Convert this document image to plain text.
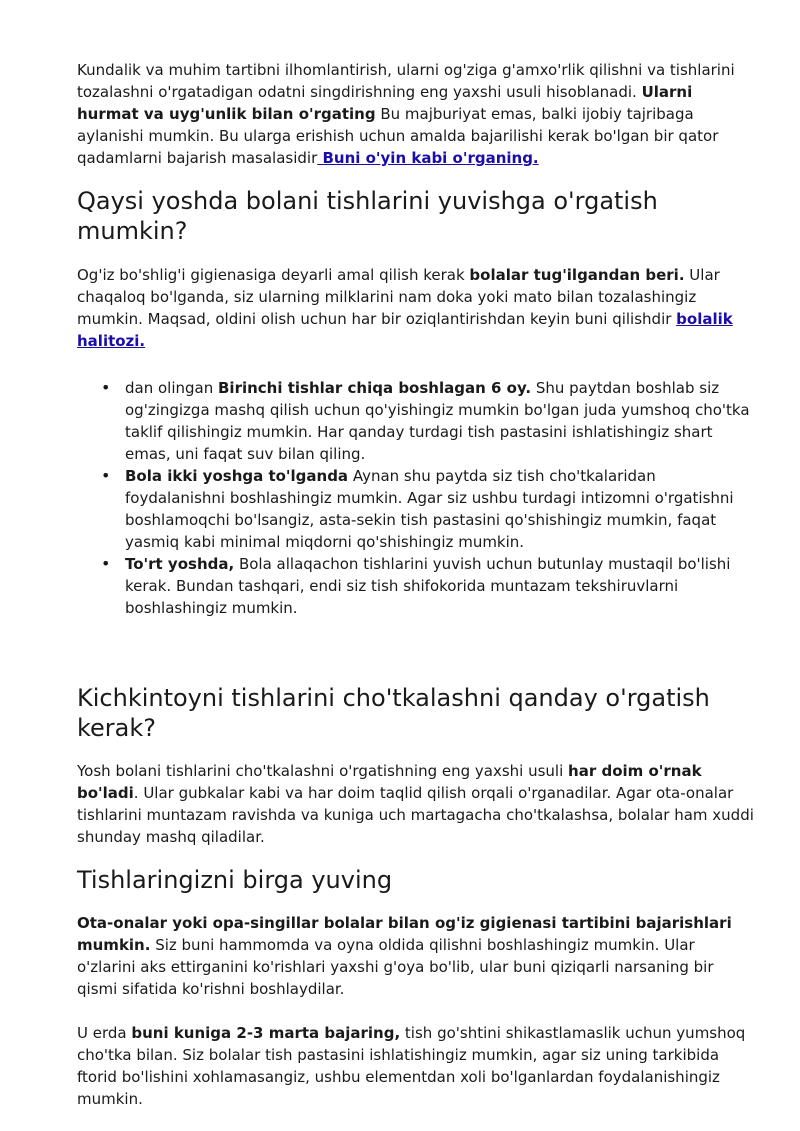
Kundalik va muhim tartibni ilhomlantirish, ularni og'ziga g'amxo'rlik qilishni va tishlarini tozalashni o'rgatadigan odatni singdirishning eng yaxshi usuli hisoblanadi. Ularni hurmat va uyg'unlik bilan o'rgating Bu majburiyat emas, balki ijobiy tajribaga aylanishi mumkin. Bu ularga erishish uchun amalda bajarilishi kerak bo'lgan bir qator qadamlarni bajarish masalasidir Buni o'yin kabi o'rganing.

Qaysi yoshda bolani tishlarini yuvishga o'rgatish mumkin?

Og'iz bo'shlig'i gigienasiga deyarli amal qilish kerak bolalar tug'ilgandan beri. Ular chaqaloq bo'lganda, siz ularning milklarini nam doka yoki mato bilan tozalashingiz mumkin. Maqsad, oldini olish uchun har bir oziqlantirishdan keyin buni qilishdir bolalik halitozi.

• dan olingan Birinchi tishlar chiqa boshlagan 6 oy. Shu paytdan boshlab siz og'zingizga mashq qilish uchun qo'yishingiz mumkin bo'lgan juda yumshoq cho'tka taklif qilishingiz mumkin. Har qanday turdagi tish pastasini ishlatishingiz shart emas, uni faqat suv bilan qiling.
• Bola ikki yoshga to'lganda Aynan shu paytda siz tish cho'tkalaridan foydalanishni boshlashingiz mumkin. Agar siz ushbu turdagi intizomni o'rgatishni boshlamoqchi bo'lsangiz, asta-sekin tish pastasini qo'shishingiz mumkin, faqat yasmiq kabi minimal miqdorni qo'shishingiz mumkin.
• To'rt yoshda, Bola allaqachon tishlarini yuvish uchun butunlay mustaqil bo'lishi kerak. Bundan tashqari, endi siz tish shifokorida muntazam tekshiruvlarni boshlashingiz mumkin.
Kichkintoyni tishlarini cho'tkalashni qanday o'rgatish kerak?

Yosh bolani tishlarini cho'tkalashni o'rgatishning eng yaxshi usuli har doim o'rnak bo'ladi. Ular gubkalar kabi va har doim taqlid qilish orqali o'rganadilar. Agar ota-onalar tishlarini muntazam ravishda va kuniga uch martagacha cho'tkalashsa, bolalar ham xuddi shunday mashq qiladilar.

Tishlaringizni birga yuving

Ota-onalar yoki opa-singillar bolalar bilan og'iz gigienasi tartibini bajarishlari mumkin. Siz buni hammomda va oyna oldida qilishni boshlashingiz mumkin. Ular o'zlarini aks ettirganini ko'rishlari yaxshi g'oya bo'lib, ular buni qiziqarli narsaning bir qismi sifatida ko'rishni boshlaydilar.

U erda buni kuniga 2-3 marta bajaring, tish go'shtini shikastlamaslik uchun yumshoq cho'tka bilan. Siz bolalar tish pastasini ishlatishingiz mumkin, agar siz uning tarkibida ftorid bo'lishini xohlamasangiz, ushbu elementdan xoli bo'lganlardan foydalanishingiz mumkin.
